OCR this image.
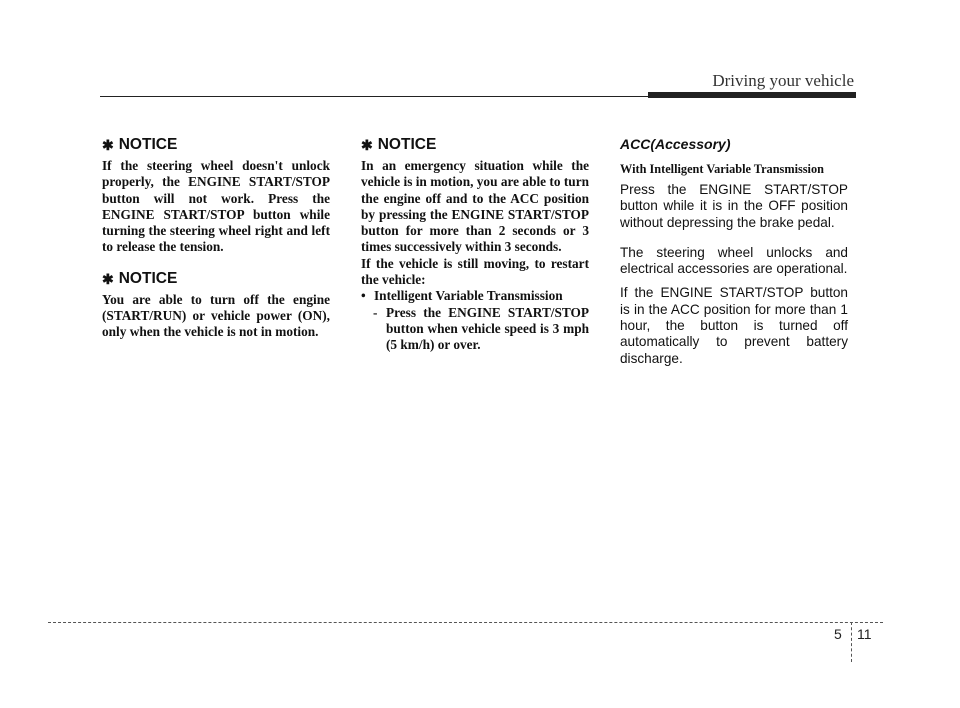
Driving your vehicle
✱ NOTICE

If the steering wheel doesn't unlock properly, the ENGINE START/STOP button will not work. Press the ENGINE START/STOP button while turning the steering wheel right and left to release the tension.

✱ NOTICE

You are able to turn off the engine (START/RUN) or vehicle power (ON), only when the vehicle is not in motion.

✱ NOTICE

In an emergency situation while the vehicle is in motion, you are able to turn the engine off and to the ACC position by pressing the ENGINE START/STOP button for more than 2 seconds or 3 times successively within 3 seconds.

If the vehicle is still moving, to restart the vehicle:

• Intelligent Variable Transmission
- Press the ENGINE START/STOP button when vehicle speed is 3 mph (5 km/h) or over.
ACC(Accessory)
With Intelligent Variable Transmission

Press the ENGINE START/STOP button while it is in the OFF position without depressing the brake pedal.

The steering wheel unlocks and electrical accessories are operational.

If the ENGINE START/STOP button is in the ACC position for more than 1 hour, the button is turned off automatically to prevent battery discharge.

5 11
